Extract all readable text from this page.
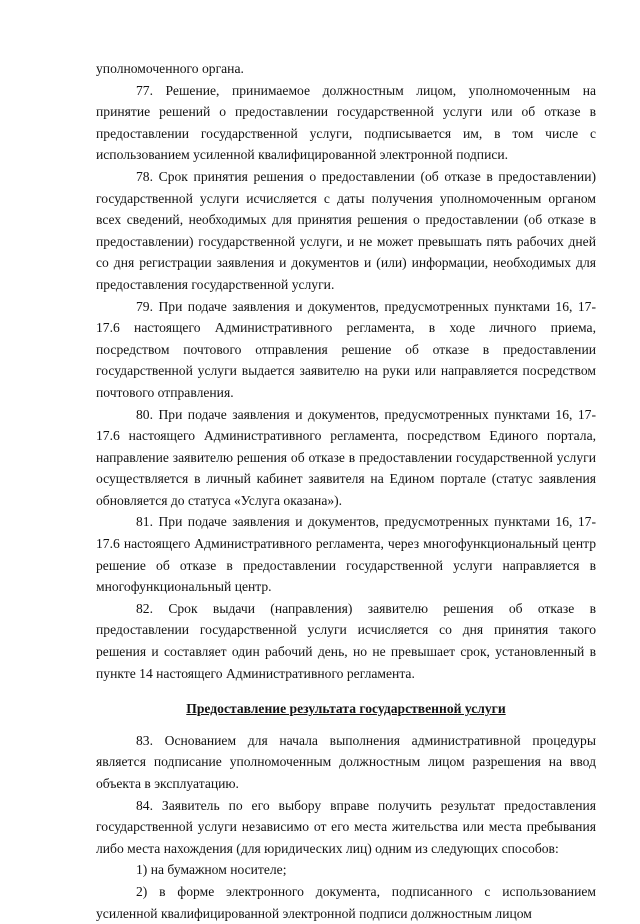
уполномоченного органа.

77. Решение, принимаемое должностным лицом, уполномоченным на принятие решений о предоставлении государственной услуги или об отказе в предоставлении государственной услуги, подписывается им, в том числе с использованием усиленной квалифицированной электронной подписи.

78. Срок принятия решения о предоставлении (об отказе в предоставлении) государственной услуги исчисляется с даты получения уполномоченным органом всех сведений, необходимых для принятия решения о предоставлении (об отказе в предоставлении) государственной услуги, и не может превышать пять рабочих дней со дня регистрации заявления и документов и (или) информации, необходимых для предоставления государственной услуги.

79. При подаче заявления и документов, предусмотренных пунктами 16, 17-17.6 настоящего Административного регламента, в ходе личного приема, посредством почтового отправления решение об отказе в предоставлении государственной услуги выдается заявителю на руки или направляется посредством почтового отправления.

80. При подаче заявления и документов, предусмотренных пунктами 16, 17-17.6 настоящего Административного регламента, посредством Единого портала, направление заявителю решения об отказе в предоставлении государственной услуги осуществляется в личный кабинет заявителя на Едином портале (статус заявления обновляется до статуса «Услуга оказана»).

81. При подаче заявления и документов, предусмотренных пунктами 16, 17-17.6 настоящего Административного регламента, через многофункциональный центр решение об отказе в предоставлении государственной услуги направляется в многофункциональный центр.

82. Срок выдачи (направления) заявителю решения об отказе в предоставлении государственной услуги исчисляется со дня принятия такого решения и составляет один рабочий день, но не превышает срок, установленный в пункте 14 настоящего Административного регламента.

Предоставление результата государственной услуги

83. Основанием для начала выполнения административной процедуры является подписание уполномоченным должностным лицом разрешения на ввод объекта в эксплуатацию.

84. Заявитель по его выбору вправе получить результат предоставления государственной услуги независимо от его места жительства или места пребывания либо места нахождения (для юридических лиц) одним из следующих способов:

1) на бумажном носителе;

2) в форме электронного документа, подписанного с использованием усиленной квалифицированной электронной подписи должностным лицом
